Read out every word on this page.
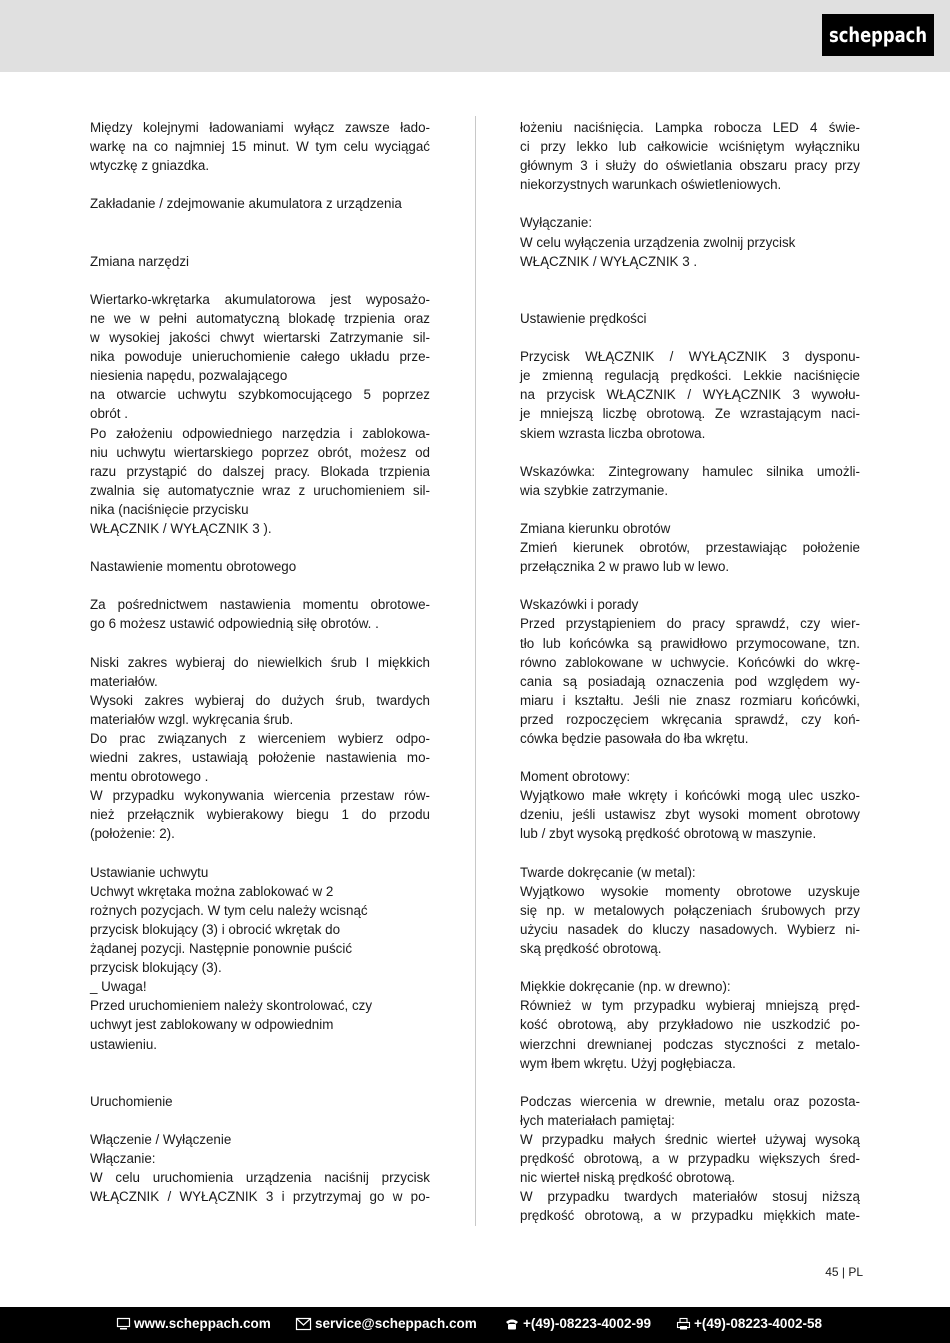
scheppach
Między kolejnymi ładowaniami wyłącz zawsze łado-
warkę na co najmniej 15 minut. W tym celu wyciągać
wtyczkę z gniazdka.
Zakładanie / zdejmowanie akumulatora z urządzenia
Zmiana narzędzi
Wiertarko-wkrętarka akumulatorowa jest wyposażo-
ne we w pełni automatyczną blokadę trzpienia oraz
w wysokiej jakości chwyt wiertarski Zatrzymanie sil-
nika powoduje unieruchomienie całego układu prze-
niesienia napędu, pozwalającego
na otwarcie uchwytu szybkomocującego 5 poprzez
obrót .
Po założeniu odpowiedniego narzędzia i zablokowa-
niu uchwytu wiertarskiego poprzez obrót, możesz od
razu przystąpić do dalszej pracy. Blokada trzpienia
zwalnia się automatycznie wraz z uruchomieniem sil-
nika (naciśnięcie przycisku
WŁĄCZNIK / WYŁĄCZNIK 3 ).
Nastawienie momentu obrotowego
Za pośrednictwem nastawienia momentu obrotowe-
go 6 możesz ustawić odpowiednią siłę obrotów. .
Niski zakres wybieraj do niewielkich śrub I miękkich
materiałów.
Wysoki zakres wybieraj do dużych śrub, twardych
materiałów wzgl. wykręcania śrub.
Do prac związanych z wierceniem wybierz odpo-
wiedni zakres, ustawiają położenie nastawienia mo-
mentu obrotowego .
W przypadku wykonywania wiercenia przestaw rów-
nież przełącznik wybierakowy biegu 1 do przodu
(położenie: 2).
Ustawianie uchwytu
Uchwyt wkrętaka można zablokować w 2
rożnych pozycjach. W tym celu należy wcisnąć
przycisk blokujący (3) i obrocić wkrętak do
żądanej pozycji. Następnie ponownie puścić
przycisk blokujący (3).
_ Uwaga!
Przed uruchomieniem należy skontrolować, czy
uchwyt jest zablokowany w odpowiednim
ustawieniu.
Uruchomienie
Włączenie / Wyłączenie
Włączanie:
W celu uruchomienia urządzenia naciśnij przycisk
WŁĄCZNIK / WYŁĄCZNIK 3 i przytrzymaj go w po-
łożeniu naciśnięcia. Lampka robocza LED 4 świe-
ci przy lekko lub całkowicie wciśniętym wyłączniku
głównym 3 i służy do oświetlania obszaru pracy przy
niekorzystnych warunkach oświetleniowych.
Wyłączanie:
W celu wyłączenia urządzenia zwolnij przycisk
WŁĄCZNIK / WYŁĄCZNIK 3 .
Ustawienie prędkości
Przycisk WŁĄCZNIK / WYŁĄCZNIK 3 dysponu-
je zmienną regulacją prędkości. Lekkie naciśnięcie
na przycisk WŁĄCZNIK / WYŁĄCZNIK 3 wywołu-
je mniejszą liczbę obrotową. Ze wzrastającym naci-
skiem wzrasta liczba obrotowa.
Wskazówka: Zintegrowany hamulec silnika umożli-
wia szybkie zatrzymanie.
Zmiana kierunku obrotów
Zmień kierunek obrotów, przestawiając położenie
przełącznika 2 w prawo lub w lewo.
Wskazówki i porady
Przed przystąpieniem do pracy sprawdź, czy wier-
tło lub końcówka są prawidłowo przymocowane, tzn.
równo zablokowane w uchwycie. Końcówki do wkrę-
cania są posiadają oznaczenia pod względem wy-
miaru i kształtu. Jeśli nie znasz rozmiaru końcówki,
przed rozpoczęciem wkręcania sprawdź, czy koń-
cówka będzie pasowała do łba wkrętu.
Moment obrotowy:
Wyjątkowo małe wkręty i końcówki mogą ulec uszko-
dzeniu, jeśli ustawisz zbyt wysoki moment obrotowy
lub / zbyt wysoką prędkość obrotową w maszynie.
Twarde dokręcanie (w metal):
Wyjątkowo wysokie momenty obrotowe uzyskuje
się np. w metalowych połączeniach śrubowych przy
użyciu nasadek do kluczy nasadowych. Wybierz ni-
ską prędkość obrotową.
Miękkie dokręcanie (np. w drewno):
Również w tym przypadku wybieraj mniejszą pręd-
kość obrotową, aby przykładowo nie uszkodzić po-
wierzchni drewnianej podczas styczności z metalo-
wym łbem wkrętu. Użyj pogłębiacza.
Podczas wiercenia w drewnie, metalu oraz pozosta-
łych materiałach pamiętaj:
W przypadku małych średnic wierteł używaj wysoką
prędkość obrotową, a w przypadku większych śred-
nic wierteł niską prędkość obrotową.
W przypadku twardych materiałów stosuj niższą
prędkość obrotową, a w przypadku miękkich mate-
45 | PL
www.scheppach.com	service@scheppach.com	+(49)-08223-4002-99	+(49)-08223-4002-58
